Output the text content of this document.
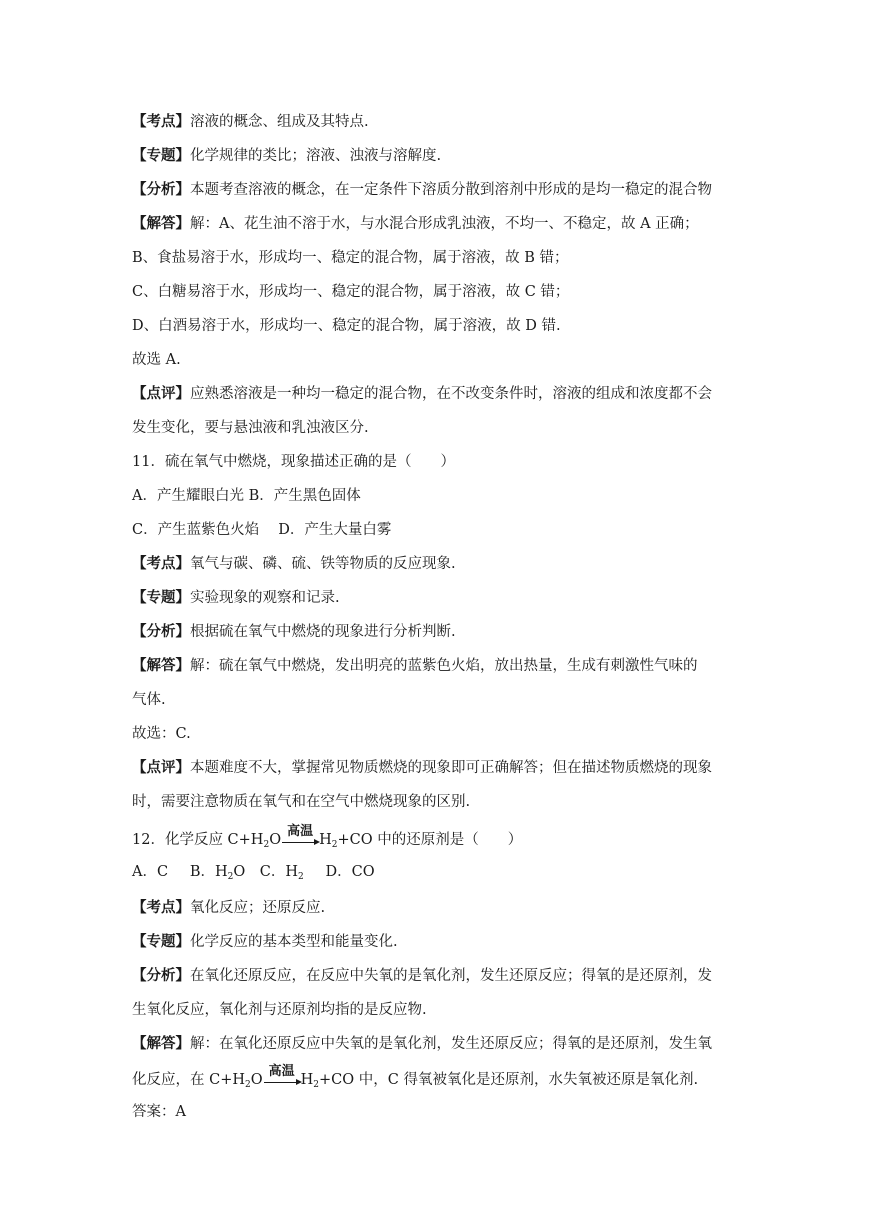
【考点】溶液的概念、组成及其特点.
【专题】化学规律的类比；溶液、浊液与溶解度.
【分析】本题考查溶液的概念，在一定条件下溶质分散到溶剂中形成的是均一稳定的混合物
【解答】解：A、花生油不溶于水，与水混合形成乳浊液，不均一、不稳定，故 A 正确；
B、食盐易溶于水，形成均一、稳定的混合物，属于溶液，故 B 错；
C、白糖易溶于水，形成均一、稳定的混合物，属于溶液，故 C 错；
D、白酒易溶于水，形成均一、稳定的混合物，属于溶液，故 D 错.
故选 A.
【点评】应熟悉溶液是一种均一稳定的混合物，在不改变条件时，溶液的组成和浓度都不会
发生变化，要与悬浊液和乳浊液区分.
11．硫在氧气中燃烧，现象描述正确的是（　　）
A．产生耀眼白光 B．产生黑色固体
C．产生蓝紫色火焰　 D．产生大量白雾
【考点】氧气与碳、磷、硫、铁等物质的反应现象.
【专题】实验现象的观察和记录.
【分析】根据硫在氧气中燃烧的现象进行分析判断.
【解答】解：硫在氧气中燃烧，发出明亮的蓝紫色火焰，放出热量，生成有刺激性气味的
气体.
故选：C.
【点评】本题难度不大，掌握常见物质燃烧的现象即可正确解答；但在描述物质燃烧的现象
时，需要注意物质在氧气和在空气中燃烧现象的区别.
12．化学反应 $C+H_2O$
高温
$H_2+CO$ 中的还原剂是（　　）
A．C   B．$H_2O$   C．$H_2$   D．CO
【考点】氧化反应；还原反应.
【专题】化学反应的基本类型和能量变化.
【分析】在氧化还原反应，在反应中失氧的是氧化剂，发生还原反应；得氧的是还原剂，发
生氧化反应，氧化剂与还原剂均指的是反应物.
【解答】解：在氧化还原反应中失氧的是氧化剂，发生还原反应；得氧的是还原剂，发生氧
化反应，在 $C+H_2O$
高温
$H_2+CO$ 中，C 得氧被氧化是还原剂，水失氧被还原是氧化剂.
答案：A
